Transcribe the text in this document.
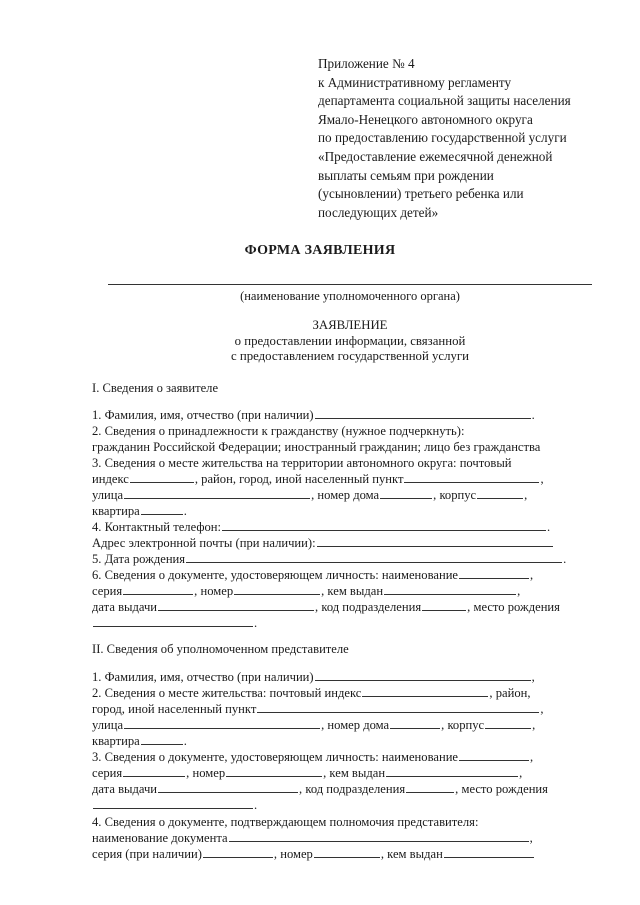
Приложение № 4
к Административному регламенту
департамента социальной защиты населения
Ямало-Ненецкого автономного округа
по предоставлению государственной услуги
«Предоставление ежемесячной денежной
выплаты семьям при рождении
(усыновлении) третьего ребенка или
последующих детей»
ФОРМА ЗАЯВЛЕНИЯ
(наименование уполномоченного органа)
ЗАЯВЛЕНИЕ
о предоставлении информации, связанной
с предоставлением государственной услуги
I. Сведения о заявителе
1. Фамилия, имя, отчество (при наличии)	.
2. Сведения о принадлежности к гражданству (нужное подчеркнуть):
гражданин Российской Федерации; иностранный гражданин; лицо без гражданства
3. Сведения о месте жительства на территории автономного округа: почтовый
индекс	, район, город, иной населенный пункт	,
улица	, номер дома	, корпус	,
квартира	.
4. Контактный телефон:	.
Адрес электронной почты (при наличии):
5. Дата рождения	.
6. Сведения о документе, удостоверяющем личность: наименование	,
серия	, номер	, кем выдан	,
дата выдачи	, код подразделения	, место рождения
.
II. Сведения об уполномоченном представителе
1. Фамилия, имя, отчество (при наличии)	,
2. Сведения о месте жительства: почтовый индекс	, район,
город, иной населенный пункт	,
улица	, номер дома	, корпус	,
квартира	.
3. Сведения о документе, удостоверяющем личность: наименование	,
серия	, номер	, кем выдан	,
дата выдачи	, код подразделения	, место рождения
.
4. Сведения о документе, подтверждающем полномочия представителя:
наименование документа	,
серия (при наличии)	, номер	, кем выдан
